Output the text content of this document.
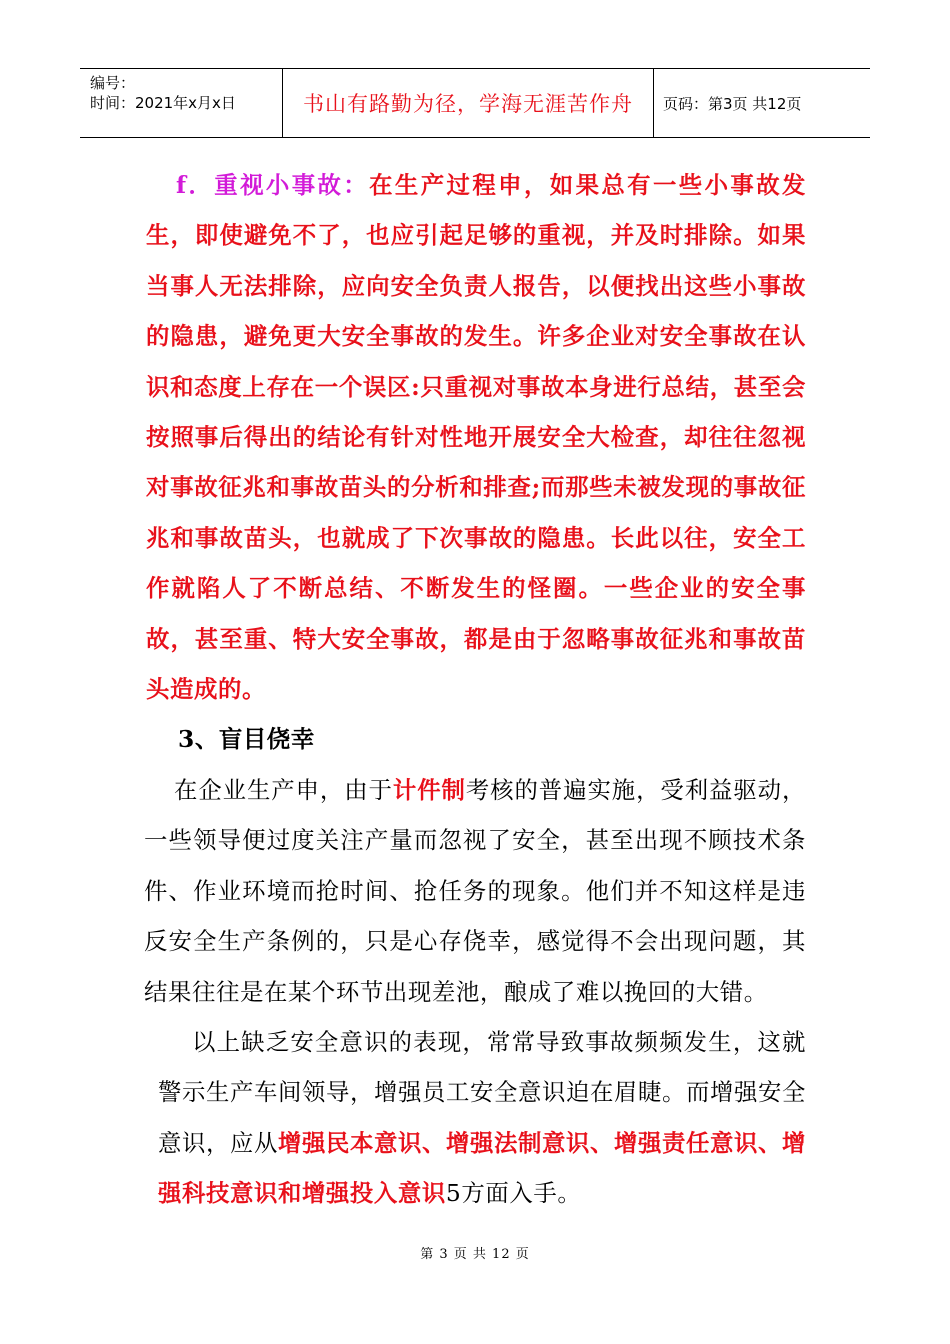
编号：
时间：2021年x月x日	书山有路勤为径，学海无涯苦作舟	页码：第3页 共12页

f．重视小事故：在生产过程申，如果总有一些小事故发生，即使避免不了，也应引起足够的重视，并及时排除。如果当事人无法排除，应向安全负责人报告，以便找出这些小事故的隐患，避免更大安全事故的发生。许多企业对安全事故在认识和态度上存在一个误区:只重视对事故本身进行总结，甚至会按照事后得出的结论有针对性地开展安全大检查，却往往忽视对事故征兆和事故苗头的分析和排查;而那些未被发现的事故征兆和事故苗头，也就成了下次事故的隐患。长此以往，安全工作就陷人了不断总结、不断发生的怪圈。一些企业的安全事故，甚至重、特大安全事故，都是由于忽略事故征兆和事故苗头造成的。

3、盲目侥幸

在企业生产申，由于计件制考核的普遍实施，受利益驱动，一些领导便过度关注产量而忽视了安全，甚至出现不顾技术条件、作业环境而抢时间、抢任务的现象。他们并不知这样是违反安全生产条例的，只是心存侥幸，感觉得不会出现问题，其结果往往是在某个环节出现差池，酿成了难以挽回的大错。

以上缺乏安全意识的表现，常常导致事故频频发生，这就警示生产车间领导，增强员工安全意识迫在眉睫。而增强安全意识，应从增强民本意识、增强法制意识、增强责任意识、增强科技意识和增强投入意识5方面入手。

第 3 页 共 12 页
